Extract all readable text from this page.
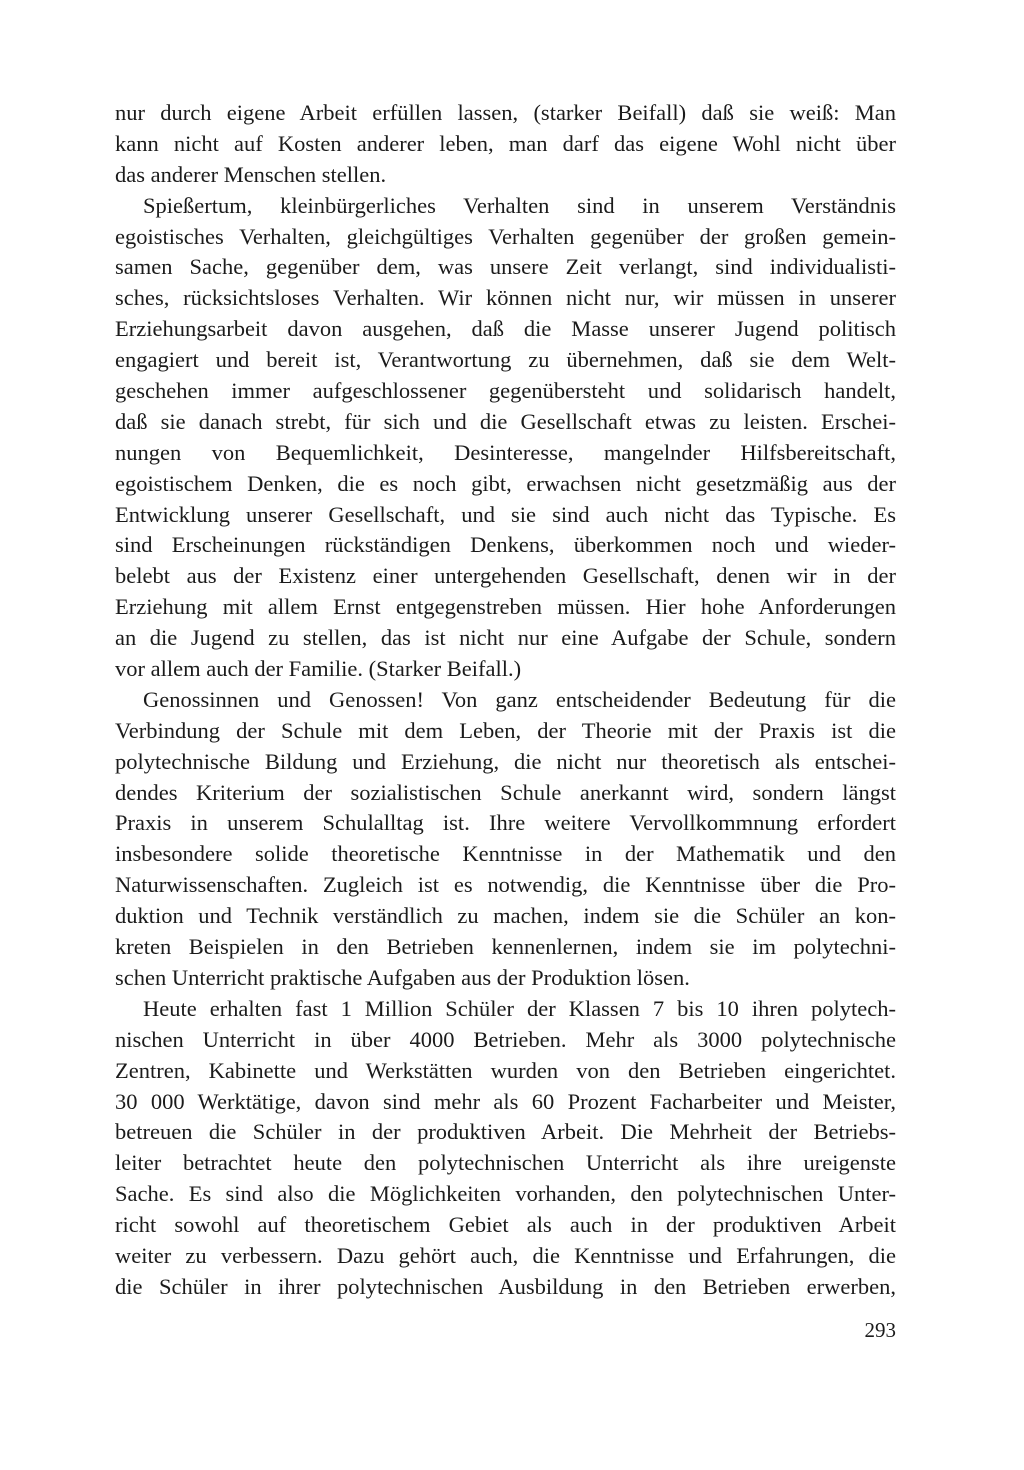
nur durch eigene Arbeit erfüllen lassen, (starker Beifall) daß sie weiß: Man
kann nicht auf Kosten anderer leben, man darf das eigene Wohl nicht über
das anderer Menschen stellen.
Spießertum, kleinbürgerliches Verhalten sind in unserem Verständnis
egoistisches Verhalten, gleichgültiges Verhalten gegenüber der großen gemein-
samen Sache, gegenüber dem, was unsere Zeit verlangt, sind individualisti-
sches, rücksichtsloses Verhalten. Wir können nicht nur, wir müssen in unserer
Erziehungsarbeit davon ausgehen, daß die Masse unserer Jugend politisch
engagiert und bereit ist, Verantwortung zu übernehmen, daß sie dem Welt-
geschehen immer aufgeschlossener gegenübersteht und solidarisch handelt,
daß sie danach strebt, für sich und die Gesellschaft etwas zu leisten. Erschei-
nungen von Bequemlichkeit, Desinteresse, mangelnder Hilfsbereitschaft,
egoistischem Denken, die es noch gibt, erwachsen nicht gesetzmäßig aus der
Entwicklung unserer Gesellschaft, und sie sind auch nicht das Typische. Es
sind Erscheinungen rückständigen Denkens, überkommen noch und wieder-
belebt aus der Existenz einer untergehenden Gesellschaft, denen wir in der
Erziehung mit allem Ernst entgegenstreben müssen. Hier hohe Anforderungen
an die Jugend zu stellen, das ist nicht nur eine Aufgabe der Schule, sondern
vor allem auch der Familie. (Starker Beifall.)
Genossinnen und Genossen! Von ganz entscheidender Bedeutung für die
Verbindung der Schule mit dem Leben, der Theorie mit der Praxis ist die
polytechnische Bildung und Erziehung, die nicht nur theoretisch als entschei-
dendes Kriterium der sozialistischen Schule anerkannt wird, sondern längst
Praxis in unserem Schulalltag ist. Ihre weitere Vervollkommnung erfordert
insbesondere solide theoretische Kenntnisse in der Mathematik und den
Naturwissenschaften. Zugleich ist es notwendig, die Kenntnisse über die Pro-
duktion und Technik verständlich zu machen, indem sie die Schüler an kon-
kreten Beispielen in den Betrieben kennenlernen, indem sie im polytechni-
schen Unterricht praktische Aufgaben aus der Produktion lösen.
Heute erhalten fast 1 Million Schüler der Klassen 7 bis 10 ihren polytech-
nischen Unterricht in über 4000 Betrieben. Mehr als 3000 polytechnische
Zentren, Kabinette und Werkstätten wurden von den Betrieben eingerichtet.
30 000 Werktätige, davon sind mehr als 60 Prozent Facharbeiter und Meister,
betreuen die Schüler in der produktiven Arbeit. Die Mehrheit der Betriebs-
leiter betrachtet heute den polytechnischen Unterricht als ihre ureigenste
Sache. Es sind also die Möglichkeiten vorhanden, den polytechnischen Unter-
richt sowohl auf theoretischem Gebiet als auch in der produktiven Arbeit
weiter zu verbessern. Dazu gehört auch, die Kenntnisse und Erfahrungen, die
die Schüler in ihrer polytechnischen Ausbildung in den Betrieben erwerben,
293
